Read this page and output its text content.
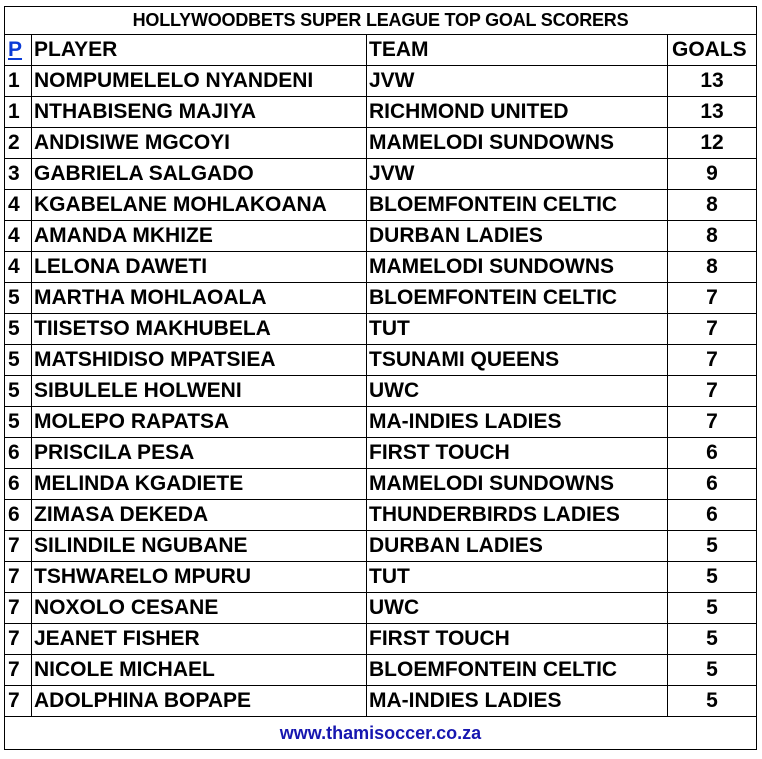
HOLLYWOODBETS SUPER LEAGUE TOP GOAL SCORERS			
P	PLAYER	TEAM	GOALS
1	NOMPUMELELO NYANDENI	JVW	13
1	NTHABISENG MAJIYA	RICHMOND UNITED	13
2	ANDISIWE MGCOYI	MAMELODI SUNDOWNS	12
3	GABRIELA SALGADO	JVW	9
4	KGABELANE MOHLAKOANA	BLOEMFONTEIN CELTIC	8
4	AMANDA MKHIZE	DURBAN LADIES	8
4	LELONA DAWETI	MAMELODI SUNDOWNS	8
5	MARTHA MOHLAOALA	BLOEMFONTEIN CELTIC	7
5	TIISETSO MAKHUBELA	TUT	7
5	MATSHIDISO MPATSIEA	TSUNAMI QUEENS	7
5	SIBULELE HOLWENI	UWC	7
5	MOLEPO RAPATSA	MA-INDIES LADIES	7
6	PRISCILA PESA	FIRST TOUCH	6
6	MELINDA KGADIETE	MAMELODI SUNDOWNS	6
6	ZIMASA DEKEDA	THUNDERBIRDS LADIES	6
7	SILINDILE NGUBANE	DURBAN LADIES	5
7	TSHWARELO MPURU	TUT	5
7	NOXOLO CESANE	UWC	5
7	JEANET FISHER	FIRST TOUCH	5
7	NICOLE MICHAEL	BLOEMFONTEIN CELTIC	5
7	ADOLPHINA BOPAPE	MA-INDIES LADIES	5
www.thamisoccer.co.za			
